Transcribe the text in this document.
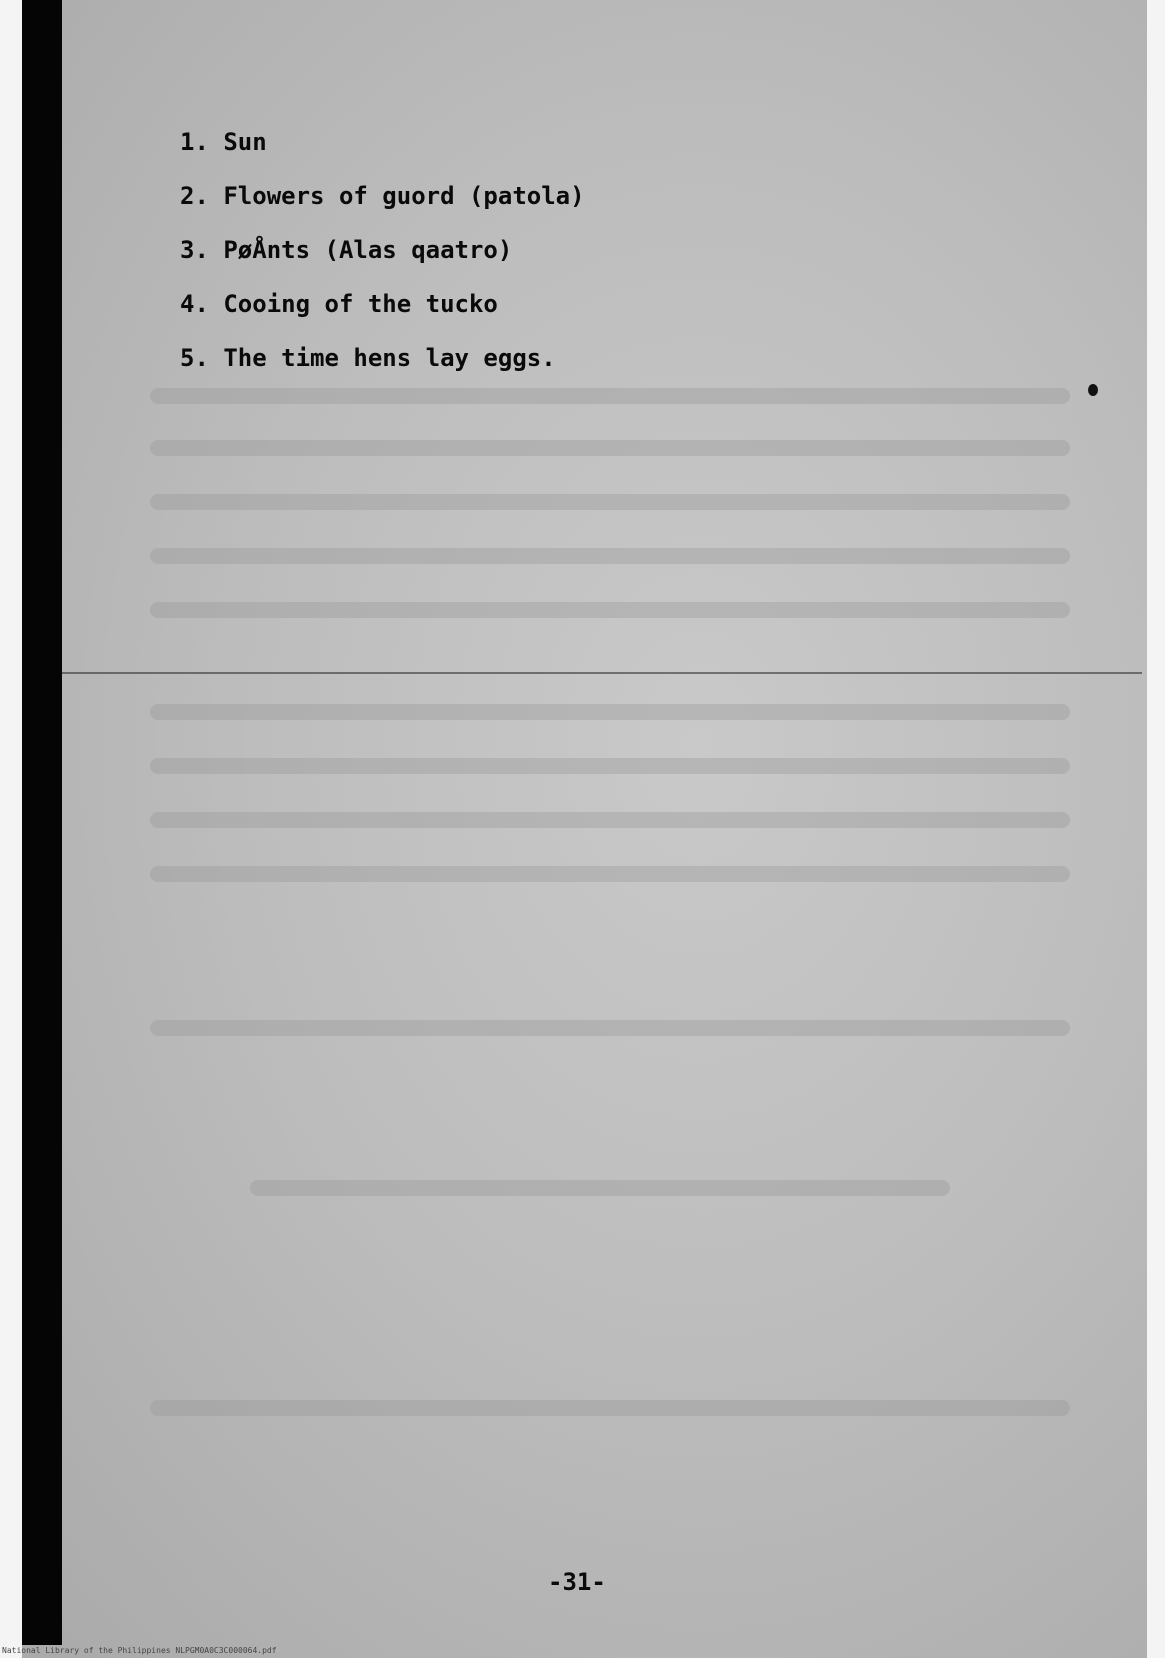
1. Sun
2. Flowers of guord (patola)
3. PøÅnts (Alas qaatro)
4. Cooing of the tucko
5. The time hens lay eggs.
-31-
National Library of the Philippines NLPGM0A0C3C000064.pdf
